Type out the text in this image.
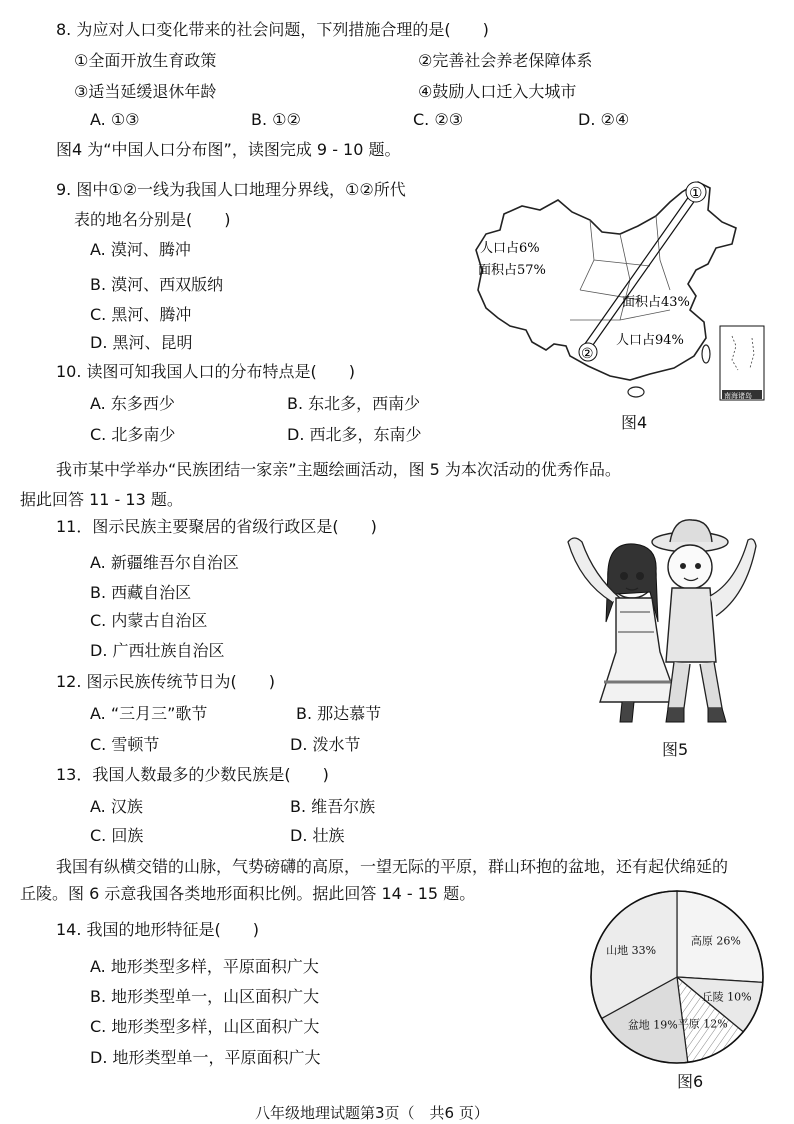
8. 为应对人口变化带来的社会问题，下列措施合理的是(　　)
①全面开放生育政策	②完善社会养老保障体系
③适当延缓退休年龄	④鼓励人口迁入大城市
A. ①③	B. ①②	C. ②③	D. ②④
图4 为“中国人口分布图”，读图完成 9 - 10 题。
9. 图中①②一线为我国人口地理分界线，①②所代
表的地名分别是(　　)
A. 漠河、腾冲
B. 漠河、西双版纳
C. 黑河、腾冲
D. 黑河、昆明
10. 读图可知我国人口的分布特点是(　　)
A. 东多西少	B. 东北多，西南少
C. 北多南少	D. 西北多，东南少
①
②
人口占6%
面积占57%
面积占43%
人口占94%
南海诸岛
图4
我市某中学举办“民族团结一家亲”主题绘画活动，图 5 为本次活动的优秀作品。
据此回答 11 - 13 题。
11．图示民族主要聚居的省级行政区是(　　)
A. 新疆维吾尔自治区
B. 西藏自治区
C. 内蒙古自治区
D. 广西壮族自治区
12. 图示民族传统节日为(　　)
A. “三月三”歌节	B. 那达慕节
C. 雪顿节	D. 泼水节	图5
13．我国人数最多的少数民族是(　　)
A. 汉族	B. 维吾尔族
C. 回族	D. 壮族
我国有纵横交错的山脉，气势磅礴的高原，一望无际的平原，群山环抱的盆地，还有起伏绵延的
丘陵。图 6 示意我国各类地形面积比例。据此回答 14 - 15 题。
14. 我国的地形特征是(　　)
A. 地形类型多样，平原面积广大
B. 地形类型单一，山区面积广大
C. 地形类型多样，山区面积广大
D. 地形类型单一，平原面积广大
高原 26%
丘陵 10%
平原 12%
盆地 19%
山地 33%
图6
八年级地理试题第3页（　共6 页）
